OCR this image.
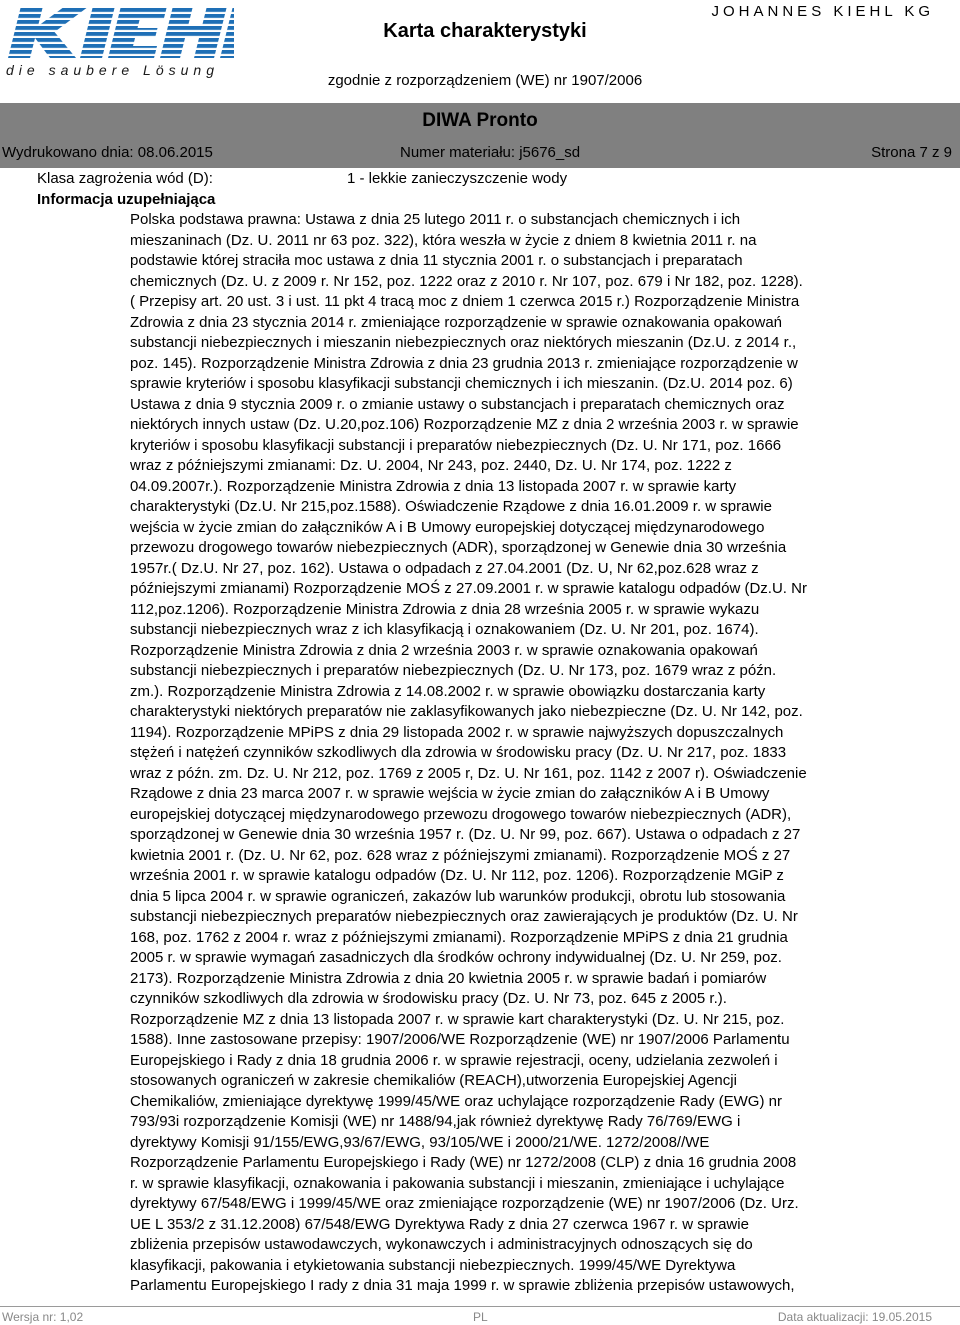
die saubere Lösung
Karta charakterystyki
JOHANNES KIEHL KG
zgodnie z rozporządzeniem (WE) nr 1907/2006
DIWA Pronto
Wydrukowano dnia: 08.06.2015	Numer materiału: j5676_sd	Strona 7 z 9
Klasa zagrożenia wód (D):	1 - lekkie zanieczyszczenie wody
Informacja uzupełniająca
Polska podstawa prawna: Ustawa z dnia 25 lutego 2011 r. o substancjach chemicznych i ich
mieszaninach (Dz. U. 2011 nr 63 poz. 322), która weszła w życie z dniem 8 kwietnia 2011 r. na
podstawie której straciła moc ustawa z dnia 11 stycznia 2001 r. o substancjach i preparatach
chemicznych (Dz. U. z 2009 r. Nr 152, poz. 1222 oraz z 2010 r. Nr 107, poz. 679 i Nr 182, poz. 1228).
( Przepisy art. 20 ust. 3 i ust. 11 pkt 4 tracą moc z dniem 1 czerwca 2015 r.) Rozporządzenie Ministra
Zdrowia z dnia 23 stycznia 2014 r. zmieniające rozporządzenie w sprawie oznakowania opakowań
substancji niebezpiecznych i mieszanin niebezpiecznych oraz niektórych mieszanin (Dz.U. z 2014 r.,
poz. 145). Rozporządzenie Ministra Zdrowia z dnia 23 grudnia 2013 r. zmieniające rozporządzenie w
sprawie kryteriów i sposobu klasyfikacji substancji chemicznych i ich mieszanin. (Dz.U. 2014 poz. 6)
Ustawa z dnia 9 stycznia 2009 r. o zmianie ustawy o substancjach i preparatach chemicznych oraz
niektórych innych ustaw (Dz. U.20,poz.106) Rozporządzenie MZ z dnia 2 września 2003 r. w sprawie
kryteriów i sposobu klasyfikacji substancji i preparatów niebezpiecznych (Dz. U. Nr 171, poz. 1666
wraz z późniejszymi zmianami: Dz. U. 2004, Nr 243, poz. 2440, Dz. U. Nr 174, poz. 1222 z
04.09.2007r.). Rozporządzenie Ministra Zdrowia z dnia 13 listopada 2007 r. w sprawie karty
charakterystyki (Dz.U. Nr 215,poz.1588). Oświadczenie Rządowe z dnia 16.01.2009 r. w sprawie
wejścia w życie zmian do załączników A i B Umowy europejskiej dotyczącej międzynarodowego
przewozu drogowego towarów niebezpiecznych (ADR), sporządzonej w Genewie dnia 30 września
1957r.( Dz.U. Nr 27, poz. 162). Ustawa o odpadach z 27.04.2001 (Dz. U, Nr 62,poz.628 wraz z
późniejszymi zmianami) Rozporządzenie MOŚ z 27.09.2001 r. w sprawie katalogu odpadów (Dz.U. Nr
112,poz.1206). Rozporządzenie Ministra Zdrowia z dnia 28 września 2005 r. w sprawie wykazu
substancji niebezpiecznych wraz z ich klasyfikacją i oznakowaniem (Dz. U. Nr 201, poz. 1674).
Rozporządzenie Ministra Zdrowia z dnia 2 września 2003 r. w sprawie oznakowania opakowań
substancji niebezpiecznych i preparatów niebezpiecznych (Dz. U. Nr 173, poz. 1679 wraz z późn.
zm.). Rozporządzenie Ministra Zdrowia z 14.08.2002 r. w sprawie obowiązku dostarczania karty
charakterystyki niektórych preparatów nie zaklasyfikowanych jako niebezpieczne (Dz. U. Nr 142, poz.
1194). Rozporządzenie MPiPS z dnia 29 listopada 2002 r. w sprawie najwyższych dopuszczalnych
stężeń i natężeń czynników szkodliwych dla zdrowia w środowisku pracy (Dz. U. Nr 217, poz. 1833
wraz z późn. zm. Dz. U. Nr 212, poz. 1769 z 2005 r, Dz. U. Nr 161, poz. 1142 z 2007 r). Oświadczenie
Rządowe z dnia 23 marca 2007 r. w sprawie wejścia w życie zmian do załączników A i B Umowy
europejskiej dotyczącej międzynarodowego przewozu drogowego towarów niebezpiecznych (ADR),
sporządzonej w Genewie dnia 30 września 1957 r. (Dz. U. Nr 99, poz. 667). Ustawa o odpadach z 27
kwietnia 2001 r. (Dz. U. Nr 62, poz. 628 wraz z późniejszymi zmianami). Rozporządzenie MOŚ z 27
września 2001 r. w sprawie katalogu odpadów (Dz. U. Nr 112, poz. 1206). Rozporządzenie MGiP z
dnia 5 lipca 2004 r. w sprawie ograniczeń, zakazów lub warunków produkcji, obrotu lub stosowania
substancji niebezpiecznych preparatów niebezpiecznych oraz zawierających je produktów (Dz. U. Nr
168, poz. 1762 z 2004 r. wraz z późniejszymi zmianami). Rozporządzenie MPiPS z dnia 21 grudnia
2005 r. w sprawie wymagań zasadniczych dla środków ochrony indywidualnej (Dz. U. Nr 259, poz.
2173). Rozporządzenie Ministra Zdrowia z dnia 20 kwietnia 2005 r. w sprawie badań i pomiarów
czynników szkodliwych dla zdrowia w środowisku pracy (Dz. U. Nr 73, poz. 645 z 2005 r.).
Rozporządzenie MZ z dnia 13 listopada 2007 r. w sprawie kart charakterystyki (Dz. U. Nr 215, poz.
1588). Inne zastosowane przepisy: 1907/2006/WE Rozporządzenie (WE) nr 1907/2006 Parlamentu
Europejskiego i Rady z dnia 18 grudnia 2006 r. w sprawie rejestracji, oceny, udzielania zezwoleń i
stosowanych ograniczeń w zakresie chemikaliów (REACH),utworzenia Europejskiej Agencji
Chemikaliów, zmieniające dyrektywę 1999/45/WE oraz uchylające rozporządzenie Rady (EWG) nr
793/93i rozporządzenie Komisji (WE) nr 1488/94,jak również dyrektywę Rady 76/769/EWG i
dyrektywy Komisji 91/155/EWG,93/67/EWG, 93/105/WE i 2000/21/WE. 1272/2008//WE
Rozporządzenie Parlamentu Europejskiego i Rady (WE) nr 1272/2008 (CLP) z dnia 16 grudnia 2008
r. w sprawie klasyfikacji, oznakowania i pakowania substancji i mieszanin, zmieniające i uchylające
dyrektywy 67/548/EWG i 1999/45/WE oraz zmieniające rozporządzenie (WE) nr 1907/2006 (Dz. Urz.
UE L 353/2 z 31.12.2008) 67/548/EWG Dyrektywa Rady z dnia 27 czerwca 1967 r. w sprawie
zbliżenia przepisów ustawodawczych, wykonawczych i administracyjnych odnoszących się do
klasyfikacji, pakowania i etykietowania substancji niebezpiecznych. 1999/45/WE Dyrektywa
Parlamentu Europejskiego I rady z dnia 31 maja 1999 r. w sprawie zbliżenia przepisów ustawowych,
Wersja nr: 1,02	PL	Data aktualizacji: 19.05.2015
